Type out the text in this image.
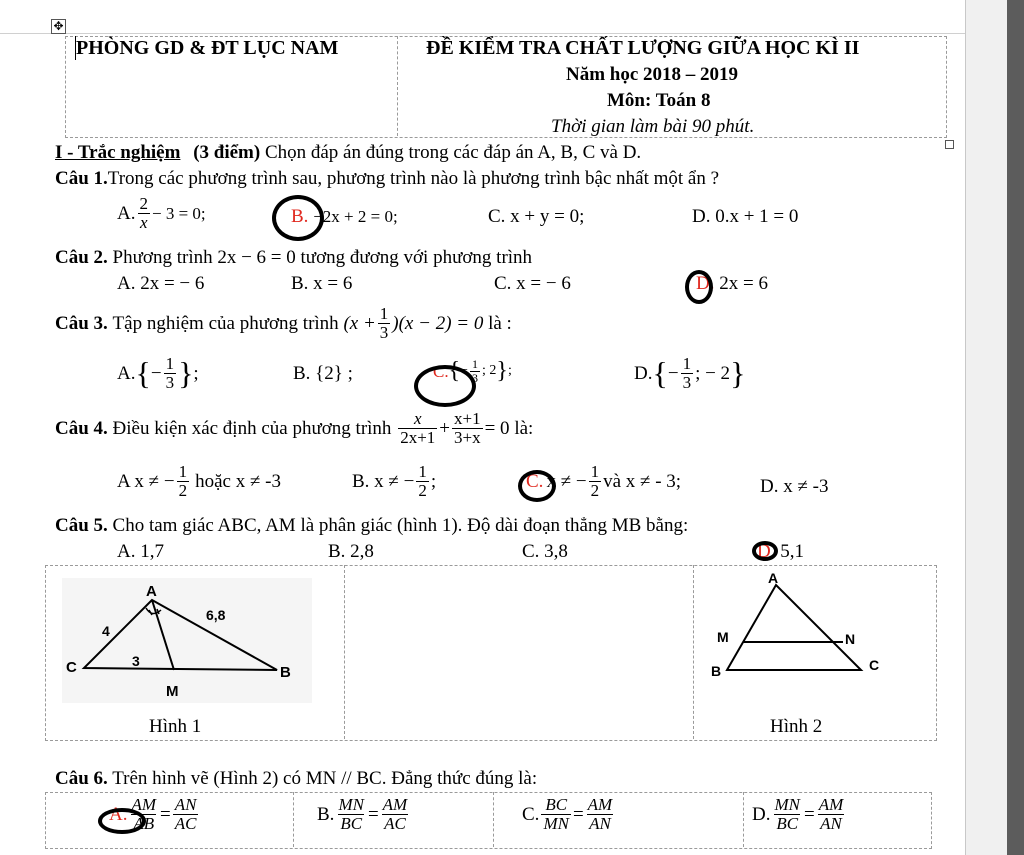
✥
PHÒNG GD & ĐT LỤC NAM	ĐỀ KIỂM TRA CHẤT LƯỢNG GIỮA HỌC KÌ II
Năm học 2018 – 2019
Môn: Toán 8
Thời gian làm bài 90 phút.
I - Trắc nghiệm (3 điểm) Chọn đáp án đúng trong các đáp án A, B, C và D.
Câu 1.Trong các phương trình sau, phương trình nào là phương trình bậc nhất một ẩn ?
A. $\frac{2}{x} - 3 = 0$;	B. −2x + 2 = 0;	C. x + y = 0;	D. 0.x + 1 = 0
Câu 2. Phương trình 2x − 6 = 0 tương đương với phương trình
A. 2x = − 6	B. x = 6	C. x = − 6	D. 2x = 6
Câu 3.
Tập nghiệm của phương trình
$(x + \frac{1}{3} )(x - 2) = 0$
là :
A. { − $\frac{1}{3}$ } ;	B. {2} ;	C. { − $\frac{1}{3}$ ; 2 } ;	D. { − $\frac{1}{3}$ ; − 2 }
Câu 4.
Điều kiện xác định của phương trình
$\frac{x}{2x+1} + \frac{x+1}{3+x} = 0$
là:
A x ≠ − $\frac{1}{2}$ hoặc x ≠ -3	B. x ≠ − $\frac{1}{2}$ ;	C. x ≠ − $\frac{1}{2}$ và x ≠ - 3;	D. x ≠ -3
Câu 5. Cho tam giác ABC, AM là phân giác (hình 1). Độ dài đoạn thẳng MB bằng:
A. 1,7	B. 2,8	C. 3,8	D. 5,1
A
B
C
M
6,8
4
3
Hình 1
A
M	N
B	C
Hình 2
Câu 6. Trên hình vẽ (Hình 2) có MN // BC. Đẳng thức đúng là:
A. $\frac{AM}{AB} = \frac{AN}{AC}$	B. $\frac{MN}{BC} = \frac{AM}{AC}$	C. $\frac{BC}{MN} = \frac{AM}{AN}$	D. $\frac{MN}{BC} = \frac{AM}{AN}$
